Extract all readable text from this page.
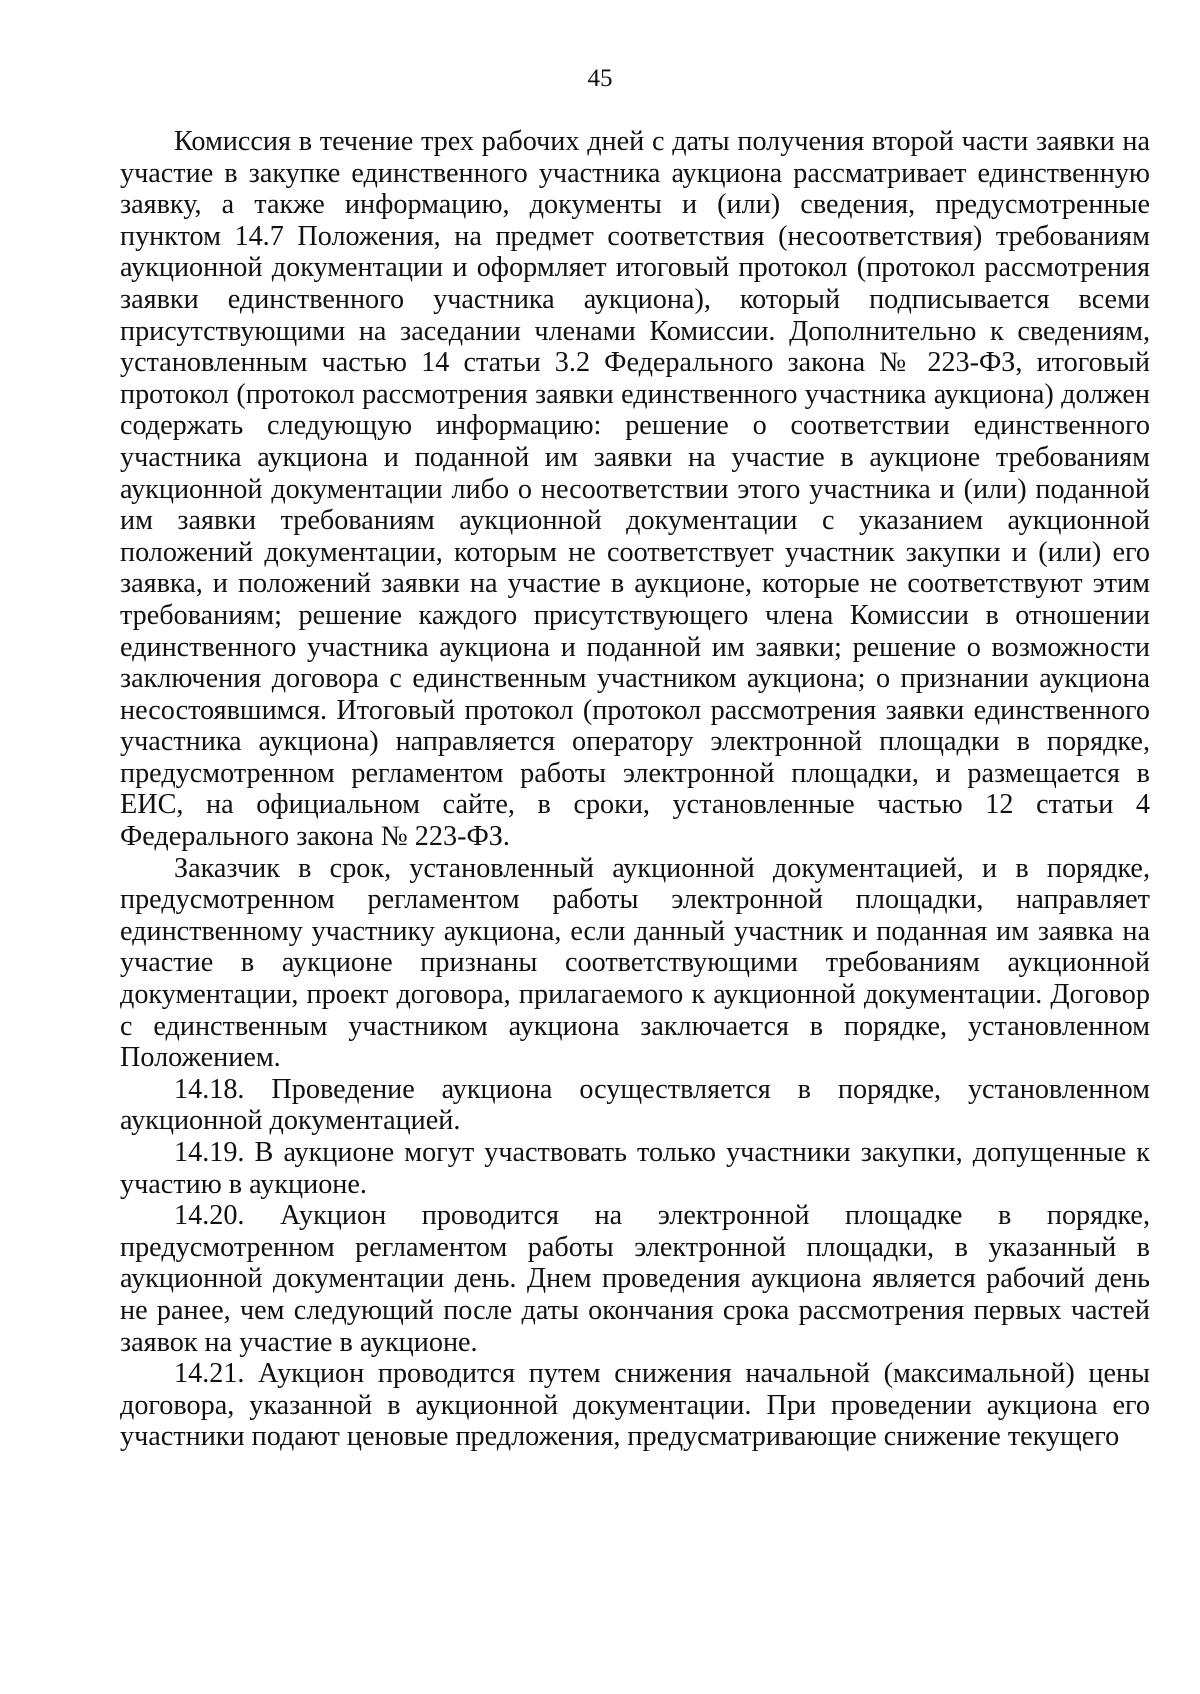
45

Комиссия в течение трех рабочих дней с даты получения второй части заявки на участие в закупке единственного участника аукциона рассматривает единственную заявку, а также информацию, документы и (или) сведения, предусмотренные пунктом 14.7 Положения, на предмет соответствия (несоответствия) требованиям аукционной документации и оформляет итоговый протокол (протокол рассмотрения заявки единственного участника аукциона), который подписывается всеми присутствующими на заседании членами Комиссии. Дополнительно к сведениям, установленным частью 14 статьи 3.2 Федерального закона № 223-ФЗ, итоговый протокол (протокол рассмотрения заявки единственного участника аукциона) должен содержать следующую информацию: решение о соответствии единственного участника аукциона и поданной им заявки на участие в аукционе требованиям аукционной документации либо о несоответствии этого участника и (или) поданной им заявки требованиям аукционной документации с указанием аукционной положений документации, которым не соответствует участник закупки и (или) его заявка, и положений заявки на участие в аукционе, которые не соответствуют этим требованиям; решение каждого присутствующего члена Комиссии в отношении единственного участника аукциона и поданной им заявки; решение о возможности заключения договора с единственным участником аукциона; о признании аукциона несостоявшимся. Итоговый протокол (протокол рассмотрения заявки единственного участника аукциона) направляется оператору электронной площадки в порядке, предусмотренном регламентом работы электронной площадки, и размещается в ЕИС, на официальном сайте, в сроки, установленные частью 12 статьи 4 Федерального закона № 223-ФЗ.

Заказчик в срок, установленный аукционной документацией, и в порядке, предусмотренном регламентом работы электронной площадки, направляет единственному участнику аукциона, если данный участник и поданная им заявка на участие в аукционе признаны соответствующими требованиям аукционной документации, проект договора, прилагаемого к аукционной документации. Договор с единственным участником аукциона заключается в порядке, установленном Положением.

14.18. Проведение аукциона осуществляется в порядке, установленном аукционной документацией.

14.19. В аукционе могут участвовать только участники закупки, допущенные к участию в аукционе.

14.20. Аукцион проводится на электронной площадке в порядке, предусмотренном регламентом работы электронной площадки, в указанный в аукционной документации день. Днем проведения аукциона является рабочий день не ранее, чем следующий после даты окончания срока рассмотрения первых частей заявок на участие в аукционе.

14.21. Аукцион проводится путем снижения начальной (максимальной) цены договора, указанной в аукционной документации. При проведении аукциона его участники подают ценовые предложения, предусматривающие снижение текущего
